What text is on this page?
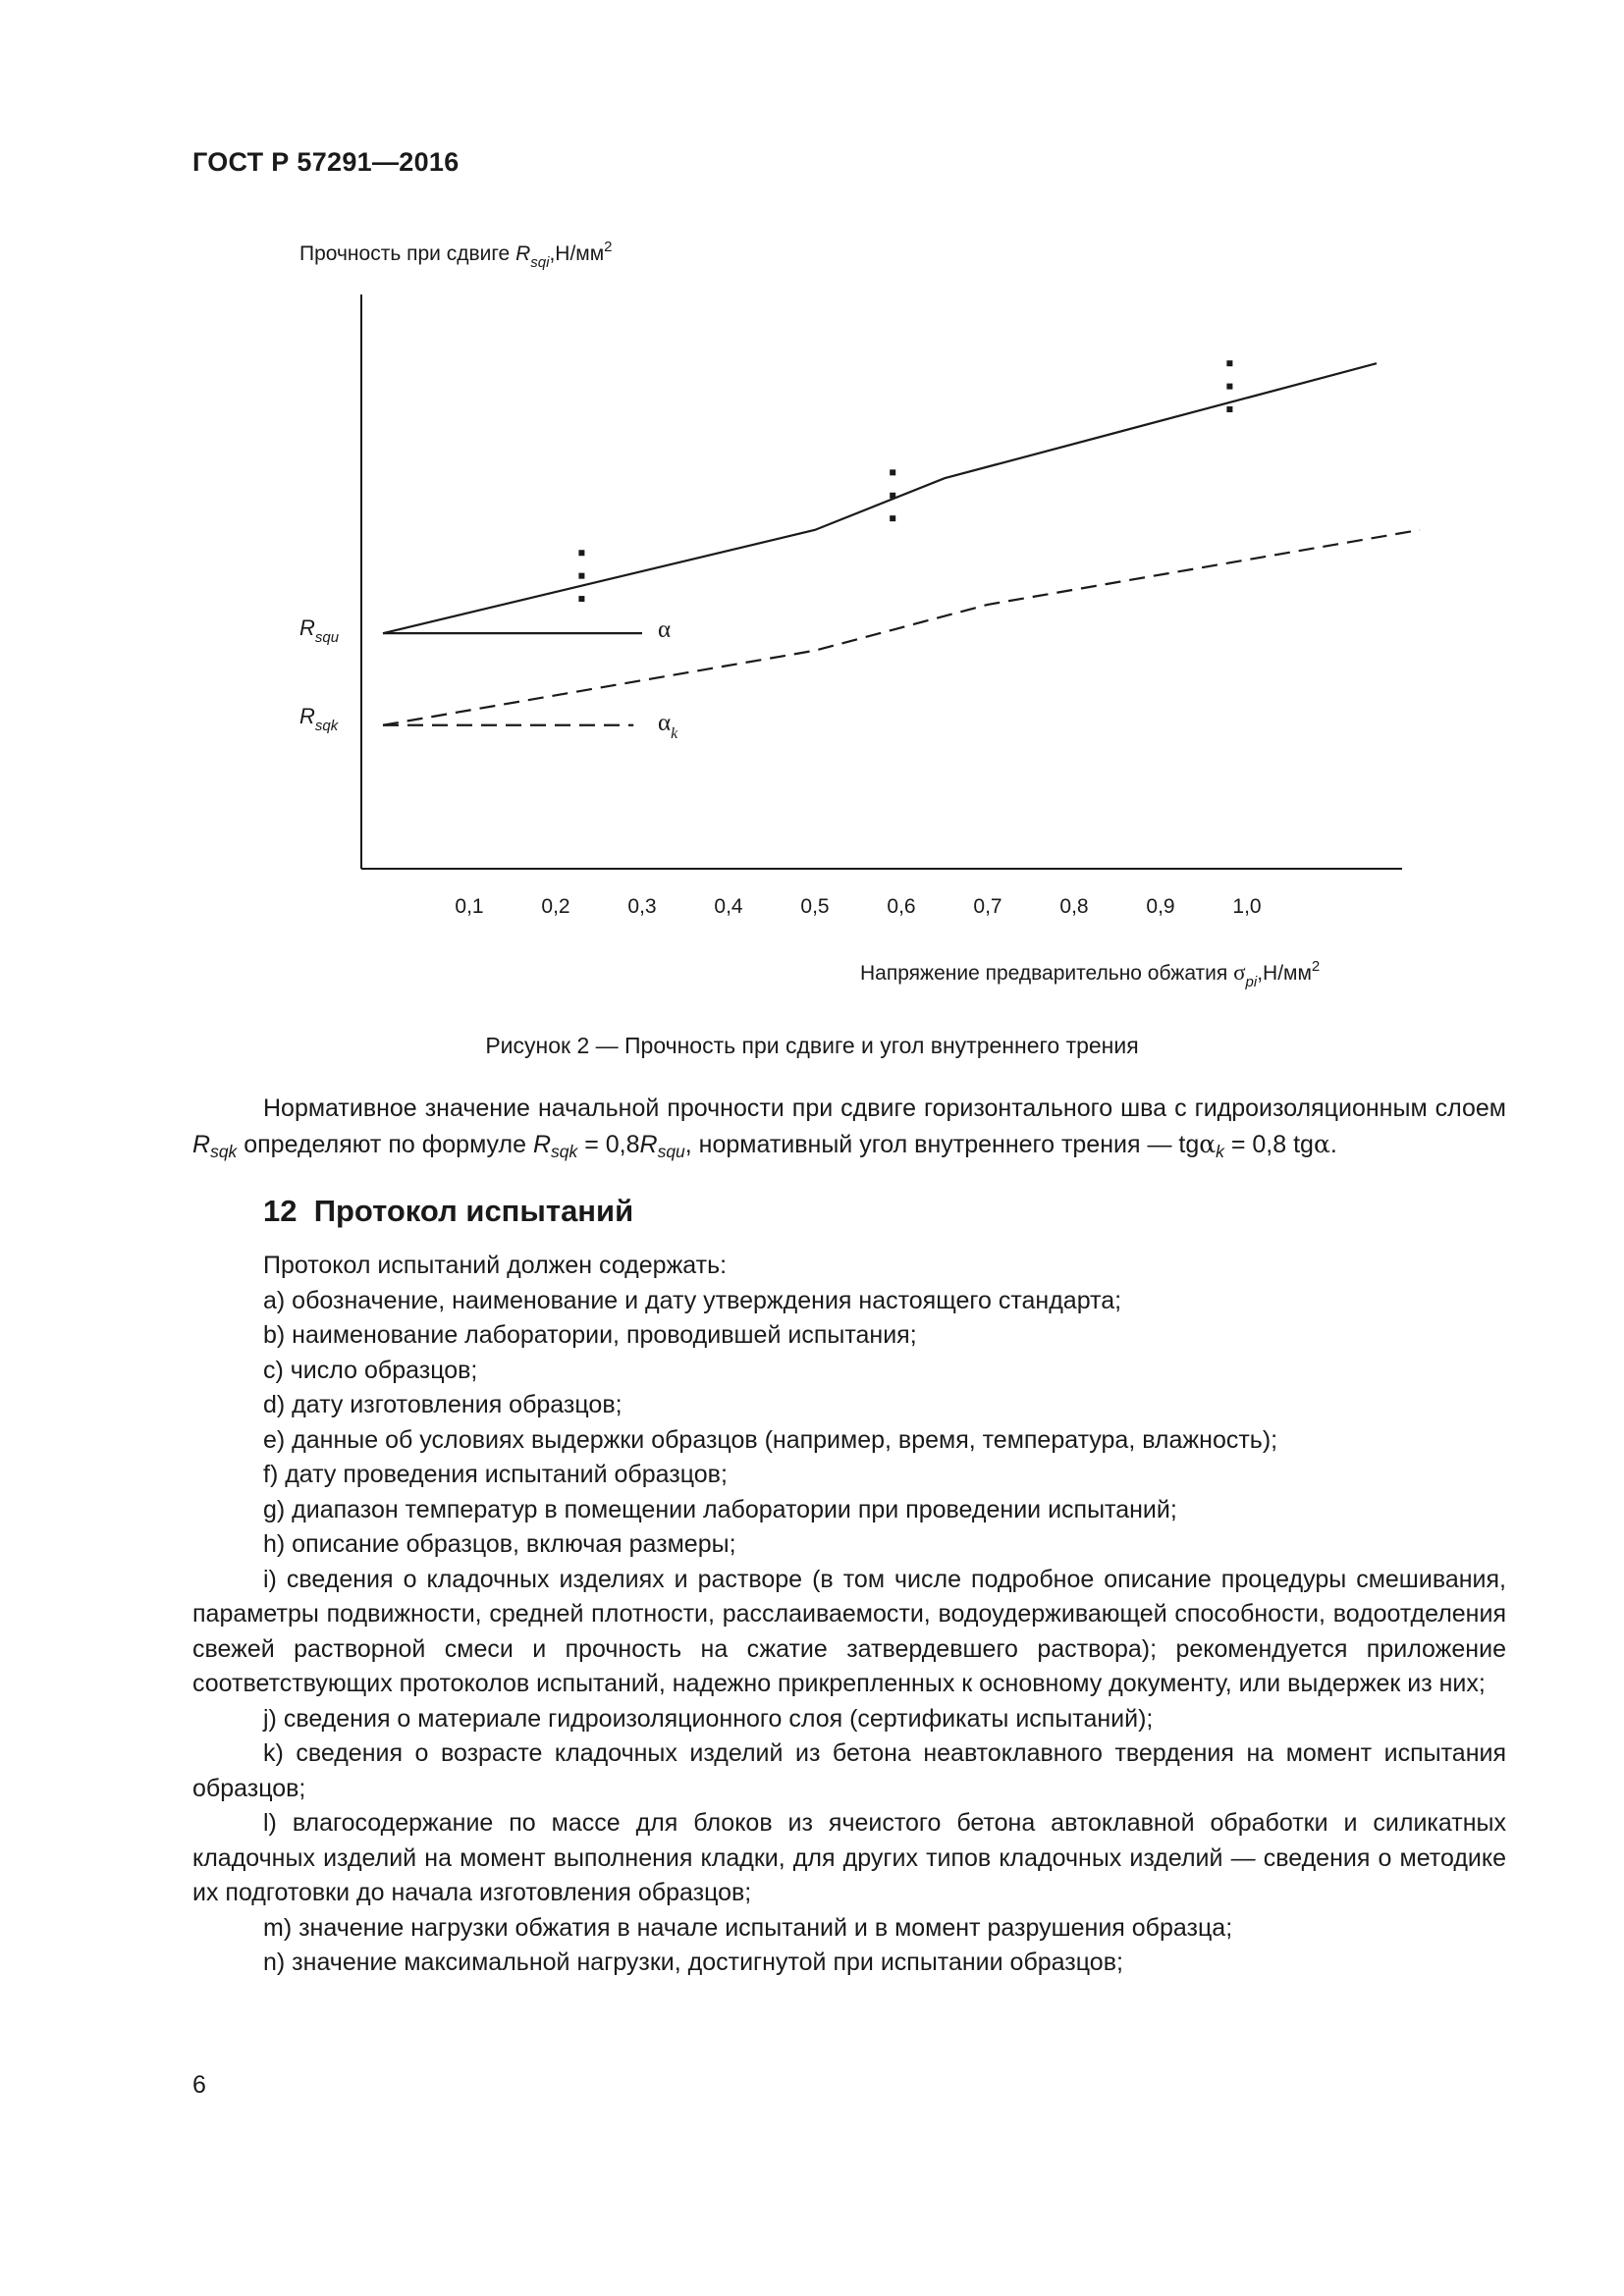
ГОСТ Р 57291—2016
Прочность при сдвиге $R_{sqi},Н/мм^2$
0,1	0,2	0,3	0,4	0,5	0,6	0,7	0,8	0,9	1,0
$R_{squ}$
$R_{sqk}$
α
$\alpha_k$
Напряжение предварительно обжатия $\sigma_{pi},Н/мм^2$
Рисунок 2 — Прочность при сдвиге и угол внутреннего трения

Нормативное значение начальной прочности при сдвиге горизонтального шва с гидроизоляционным слоем $R_{sqk}$ определяют по формуле $R_{sqk} = 0,8R_{squ}$, нормативный угол внутреннего трения — tgα$_k$ = 0,8 tgα.

12 Протокол испытаний

Протокол испытаний должен содержать:

a) обозначение, наименование и дату утверждения настоящего стандарта;

b) наименование лаборатории, проводившей испытания;

c) число образцов;

d) дату изготовления образцов;

e) данные об условиях выдержки образцов (например, время, температура, влажность);

f) дату проведения испытаний образцов;

g) диапазон температур в помещении лаборатории при проведении испытаний;

h) описание образцов, включая размеры;

i) сведения о кладочных изделиях и растворе (в том числе подробное описание процедуры смешивания, параметры подвижности, средней плотности, расслаиваемости, водоудерживающей способности, водоотделения свежей растворной смеси и прочность на сжатие затвердевшего раствора); рекомендуется приложение соответствующих протоколов испытаний, надежно прикрепленных к основному документу, или выдержек из них;

j) сведения о материале гидроизоляционного слоя (сертификаты испытаний);

k) сведения о возрасте кладочных изделий из бетона неавтоклавного твердения на момент испытания образцов;

l) влагосодержание по массе для блоков из ячеистого бетона автоклавной обработки и силикатных кладочных изделий на момент выполнения кладки, для других типов кладочных изделий — сведения о методике их подготовки до начала изготовления образцов;

m) значение нагрузки обжатия в начале испытаний и в момент разрушения образца;

n) значение максимальной нагрузки, достигнутой при испытании образцов;

6
